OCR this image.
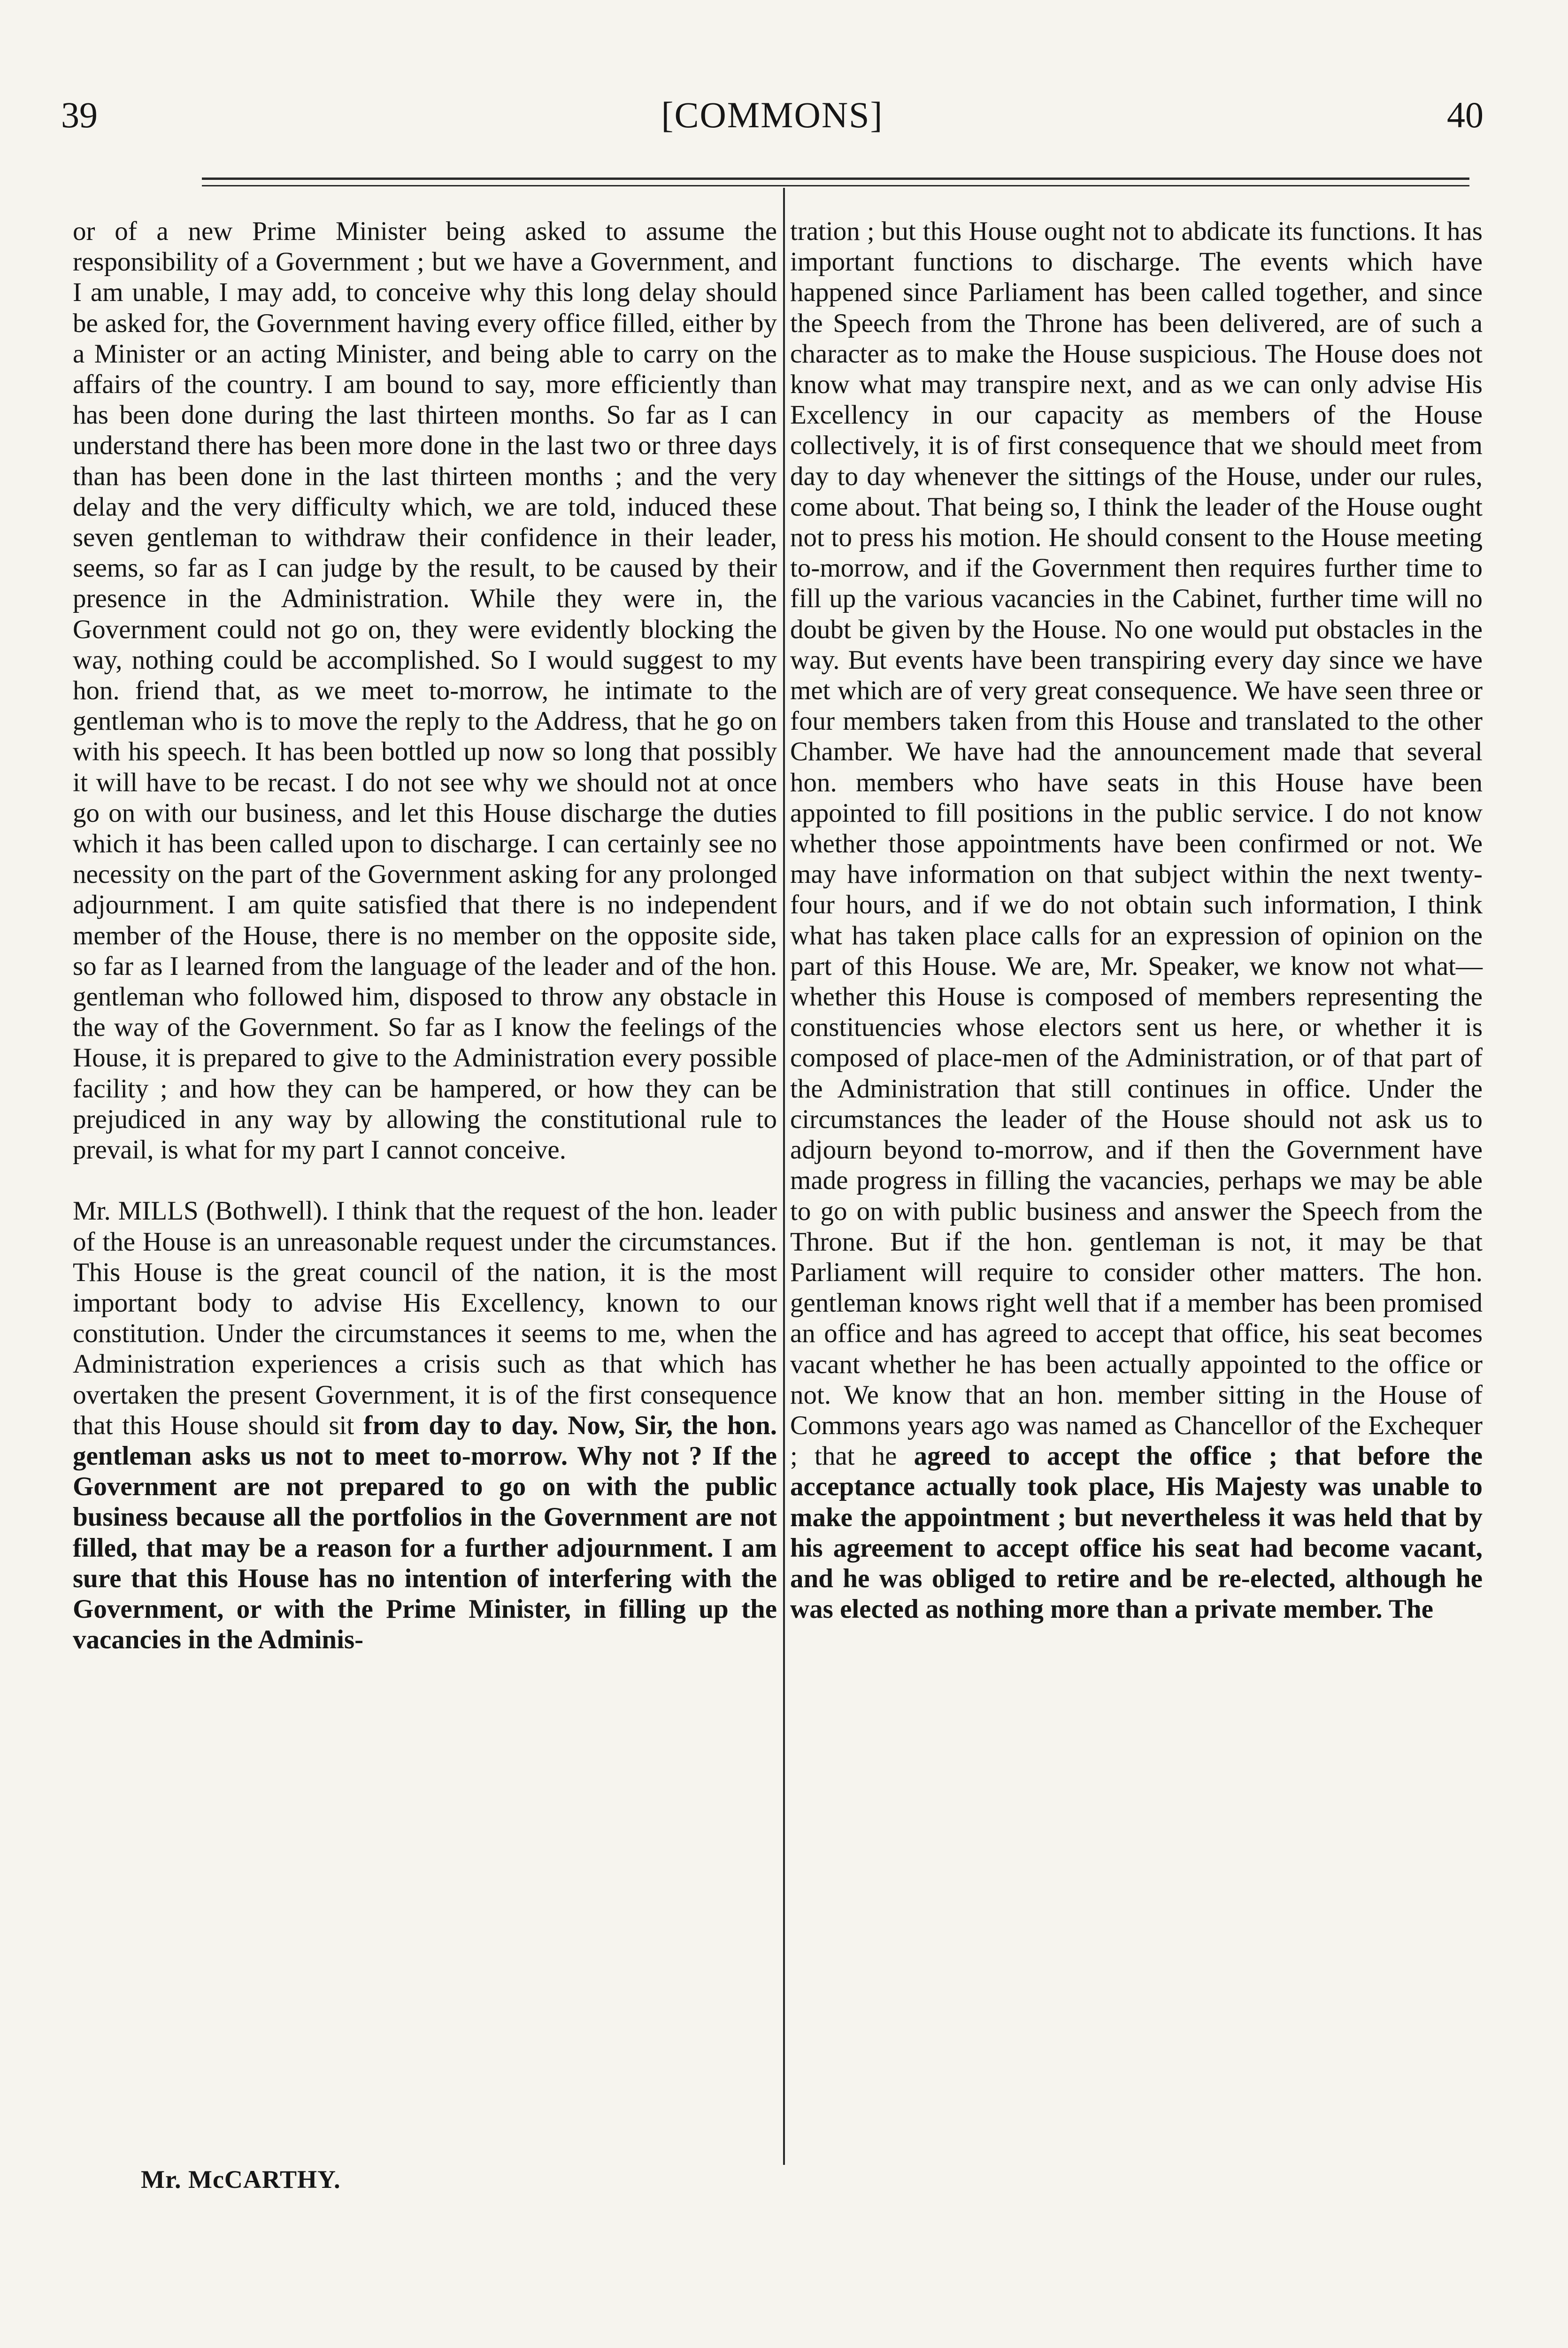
39	[COMMONS]	40

or of a new Prime Minister being asked to assume the responsibility of a Government ; but we have a Government, and I am unable, I may add, to conceive why this long delay should be asked for, the Government having every office filled, either by a Minister or an acting Minister, and being able to carry on the affairs of the country. I am bound to say, more efficiently than has been done during the last thirteen months. So far as I can understand there has been more done in the last two or three days than has been done in the last thirteen months ; and the very delay and the very difficulty which, we are told, induced these seven gentleman to withdraw their confidence in their leader, seems, so far as I can judge by the result, to be caused by their presence in the Administration. While they were in, the Government could not go on, they were evidently blocking the way, nothing could be accomplished. So I would suggest to my hon. friend that, as we meet to-morrow, he intimate to the gentleman who is to move the reply to the Address, that he go on with his speech. It has been bottled up now so long that possibly it will have to be recast. I do not see why we should not at once go on with our business, and let this House discharge the duties which it has been called upon to discharge. I can certainly see no necessity on the part of the Government asking for any prolonged adjournment. I am quite satisfied that there is no independent member of the House, there is no member on the opposite side, so far as I learned from the language of the leader and of the hon. gentleman who followed him, disposed to throw any obstacle in the way of the Government. So far as I know the feelings of the House, it is prepared to give to the Administration every possible facility ; and how they can be hampered, or how they can be prejudiced in any way by allowing the constitutional rule to prevail, is what for my part I cannot conceive.

Mr. MILLS (Bothwell). I think that the request of the hon. leader of the House is an unreasonable request under the circumstances. This House is the great council of the nation, it is the most important body to advise His Excellency, known to our constitution. Under the circumstances it seems to me, when the Administration experiences a crisis such as that which has overtaken the present Government, it is of the first consequence that this House should sit from day to day. Now, Sir, the hon. gentleman asks us not to meet to-morrow. Why not ? If the Government are not prepared to go on with the public business because all the portfolios in the Government are not filled, that may be a reason for a further adjournment. I am sure that this House has no intention of interfering with the Government, or with the Prime Minister, in filling up the vacancies in the Adminis-

tration ; but this House ought not to abdicate its functions. It has important functions to discharge. The events which have happened since Parliament has been called together, and since the Speech from the Throne has been delivered, are of such a character as to make the House suspicious. The House does not know what may transpire next, and as we can only advise His Excellency in our capacity as members of the House collectively, it is of first consequence that we should meet from day to day whenever the sittings of the House, under our rules, come about. That being so, I think the leader of the House ought not to press his motion. He should consent to the House meeting to-morrow, and if the Government then requires further time to fill up the various vacancies in the Cabinet, further time will no doubt be given by the House. No one would put obstacles in the way. But events have been transpiring every day since we have met which are of very great consequence. We have seen three or four members taken from this House and translated to the other Chamber. We have had the announcement made that several hon. members who have seats in this House have been appointed to fill positions in the public service. I do not know whether those appointments have been confirmed or not. We may have information on that subject within the next twenty-four hours, and if we do not obtain such information, I think what has taken place calls for an expression of opinion on the part of this House. We are, Mr. Speaker, we know not what—whether this House is composed of members representing the constituencies whose electors sent us here, or whether it is composed of place-men of the Administration, or of that part of the Administration that still continues in office. Under the circumstances the leader of the House should not ask us to adjourn beyond to-morrow, and if then the Government have made progress in filling the vacancies, perhaps we may be able to go on with public business and answer the Speech from the Throne. But if the hon. gentleman is not, it may be that Parliament will require to consider other matters. The hon. gentleman knows right well that if a member has been promised an office and has agreed to accept that office, his seat becomes vacant whether he has been actually appointed to the office or not. We know that an hon. member sitting in the House of Commons years ago was named as Chancellor of the Exchequer ; that he agreed to accept the office ; that before the acceptance actually took place, His Majesty was unable to make the appointment ; but nevertheless it was held that by his agreement to accept office his seat had become vacant, and he was obliged to retire and be re-elected, although he was elected as nothing more than a private member. The

Mr. McCARTHY.
